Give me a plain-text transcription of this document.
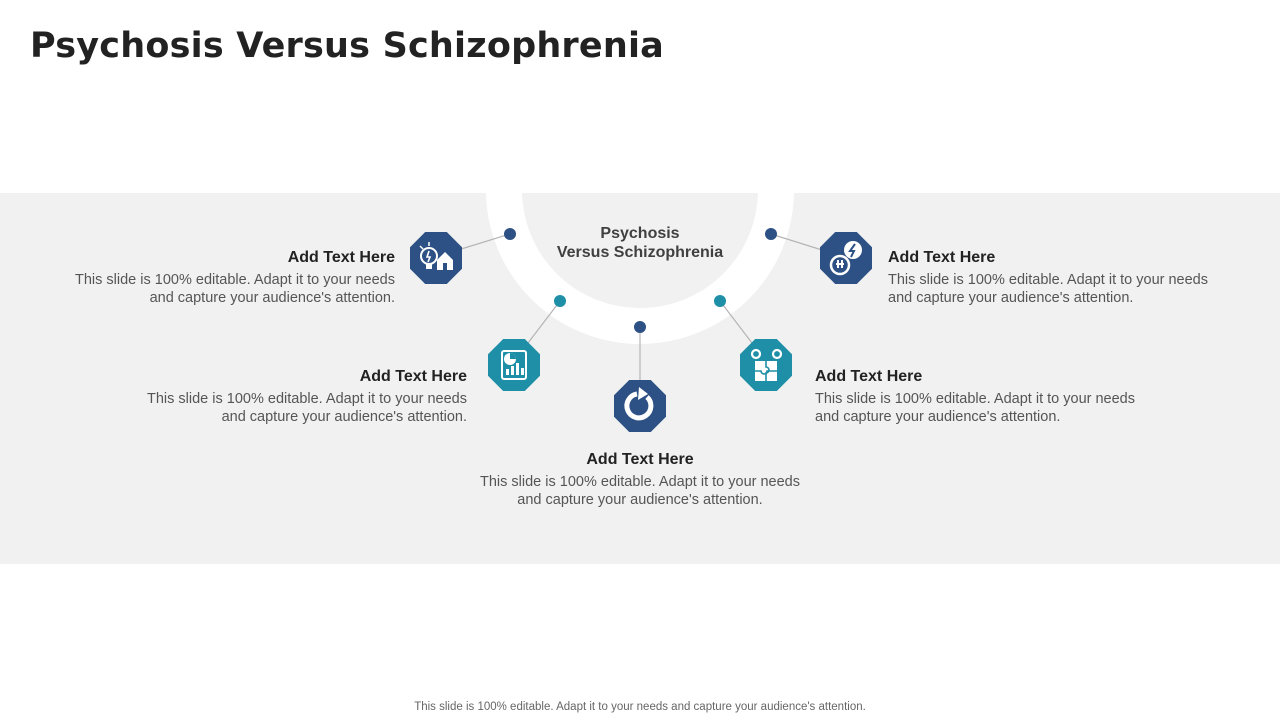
Psychosis Versus Schizophrenia
Psychosis
Versus Schizophrenia
Add Text Here
This slide is 100% editable. Adapt it to your needs
and capture your audience's attention.
Add Text Here
This slide is 100% editable. Adapt it to your needs
and capture your audience's attention.
Add Text Here
This slide is 100% editable. Adapt it to your needs
and capture your audience's attention.
Add Text Here
This slide is 100% editable. Adapt it to your needs
and capture your audience's attention.
Add Text Here
This slide is 100% editable. Adapt it to your needs
and capture your audience's attention.
This slide is 100% editable. Adapt it to your needs and capture your audience's attention.
